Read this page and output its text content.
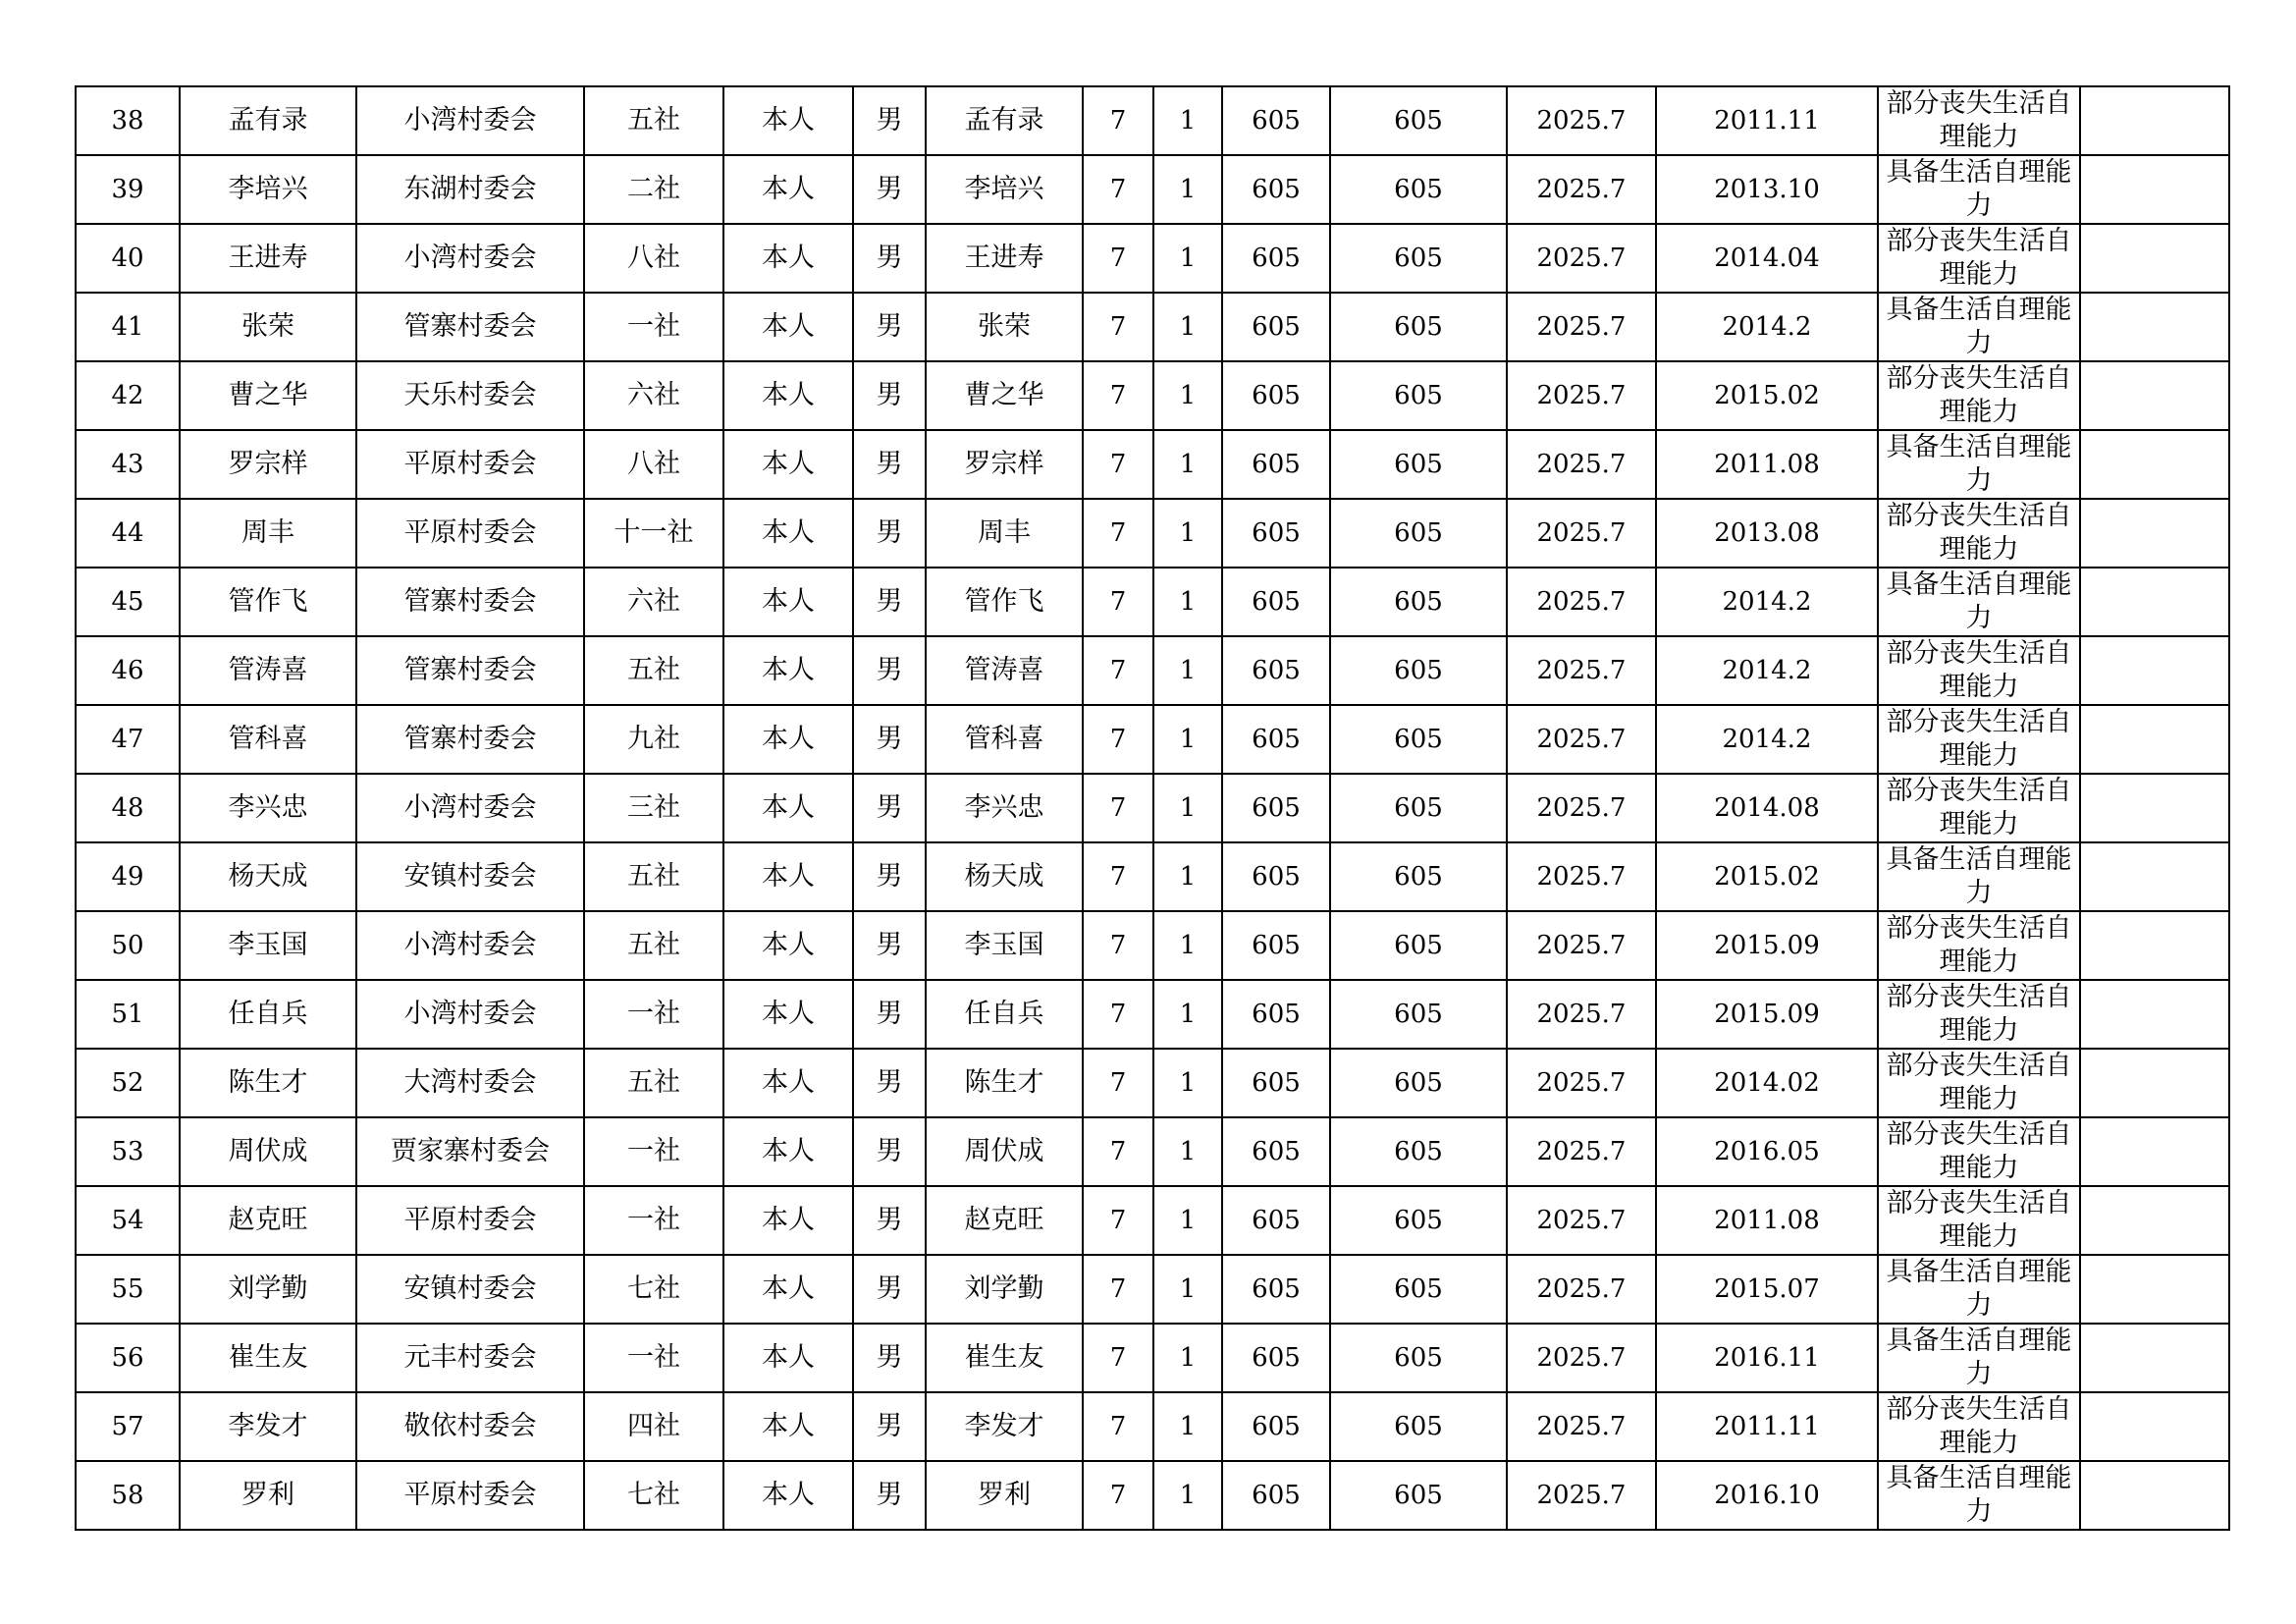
38	孟有录	小湾村委会	五社	本人	男	孟有录	7	1	605	605	2025.7	2011.11	部分丧失生活自理能力	

39	李培兴	东湖村委会	二社	本人	男	李培兴	7	1	605	605	2025.7	2013.10	具备生活自理能力	

40	王进寿	小湾村委会	八社	本人	男	王进寿	7	1	605	605	2025.7	2014.04	部分丧失生活自理能力	

41	张荣	管寨村委会	一社	本人	男	张荣	7	1	605	605	2025.7	2014.2	具备生活自理能力	

42	曹之华	天乐村委会	六社	本人	男	曹之华	7	1	605	605	2025.7	2015.02	部分丧失生活自理能力	

43	罗宗样	平原村委会	八社	本人	男	罗宗样	7	1	605	605	2025.7	2011.08	具备生活自理能力	

44	周丰	平原村委会	十一社	本人	男	周丰	7	1	605	605	2025.7	2013.08	部分丧失生活自理能力	

45	管作飞	管寨村委会	六社	本人	男	管作飞	7	1	605	605	2025.7	2014.2	具备生活自理能力	

46	管涛喜	管寨村委会	五社	本人	男	管涛喜	7	1	605	605	2025.7	2014.2	部分丧失生活自理能力	

47	管科喜	管寨村委会	九社	本人	男	管科喜	7	1	605	605	2025.7	2014.2	部分丧失生活自理能力	

48	李兴忠	小湾村委会	三社	本人	男	李兴忠	7	1	605	605	2025.7	2014.08	部分丧失生活自理能力	

49	杨天成	安镇村委会	五社	本人	男	杨天成	7	1	605	605	2025.7	2015.02	具备生活自理能力	

50	李玉国	小湾村委会	五社	本人	男	李玉国	7	1	605	605	2025.7	2015.09	部分丧失生活自理能力	

51	任自兵	小湾村委会	一社	本人	男	任自兵	7	1	605	605	2025.7	2015.09	部分丧失生活自理能力	

52	陈生才	大湾村委会	五社	本人	男	陈生才	7	1	605	605	2025.7	2014.02	部分丧失生活自理能力	

53	周伏成	贾家寨村委会	一社	本人	男	周伏成	7	1	605	605	2025.7	2016.05	部分丧失生活自理能力	

54	赵克旺	平原村委会	一社	本人	男	赵克旺	7	1	605	605	2025.7	2011.08	部分丧失生活自理能力	

55	刘学勤	安镇村委会	七社	本人	男	刘学勤	7	1	605	605	2025.7	2015.07	具备生活自理能力	

56	崔生友	元丰村委会	一社	本人	男	崔生友	7	1	605	605	2025.7	2016.11	具备生活自理能力	

57	李发才	敬依村委会	四社	本人	男	李发才	7	1	605	605	2025.7	2011.11	部分丧失生活自理能力	

58	罗利	平原村委会	七社	本人	男	罗利	7	1	605	605	2025.7	2016.10	具备生活自理能力	
